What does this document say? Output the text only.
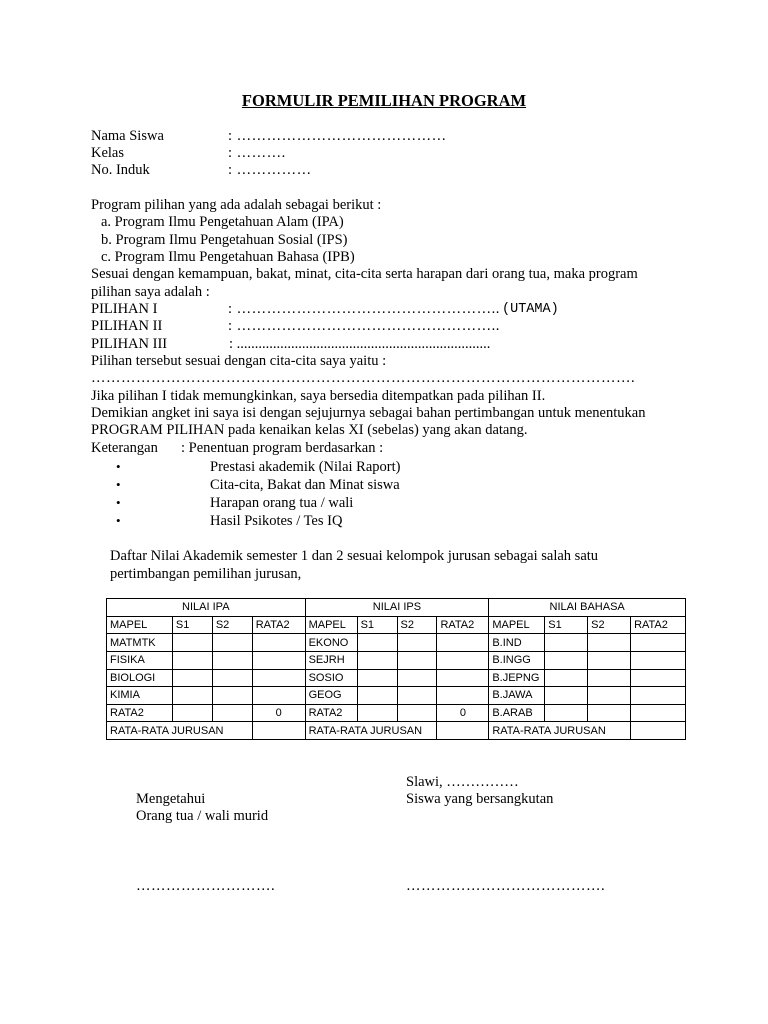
FORMULIR PEMILIHAN PROGRAM
Nama Siswa	: ……………………………………
Kelas	: ……….
No. Induk	: ……………
Program pilihan yang ada adalah sebagai berikut :
a. Program Ilmu Pengetahuan Alam (IPA)
b. Program Ilmu Pengetahuan Sosial (IPS)
c. Program Ilmu Pengetahuan Bahasa (IPB)
Sesuai dengan kemampuan, bakat, minat, cita-cita serta harapan dari orang tua, maka program
pilihan saya adalah :
PILIHAN I	: …………………………………………….. (UTAMA)
PILIHAN II	: ……………………………………………..
PILIHAN III	: ......................................................................
Pilihan tersebut sesuai dengan cita-cita saya yaitu :
……………………………………………………………………………………………….
Jika pilihan I tidak memungkinkan, saya bersedia ditempatkan pada pilihan II.
Demikian angket ini saya isi dengan sejujurnya sebagai bahan pertimbangan untuk menentukan
PROGRAM PILIHAN pada kenaikan kelas XI (sebelas) yang akan datang.
Keterangan : Penentuan program berdasarkan :
•	Prestasi akademik (Nilai Raport)
•	Cita-cita, Bakat dan Minat siswa
•	Harapan orang tua / wali
•	Hasil Psikotes / Tes IQ
Daftar Nilai Akademik semester 1 dan 2 sesuai kelompok jurusan sebagai salah satu
pertimbangan pemilihan jurusan,
NILAI IPA				NILAI IPS				NILAI BAHASA			
MAPEL	S1	S2	RATA2	MAPEL	S1	S2	RATA2	MAPEL	S1	S2	RATA2
MATMTK				EKONO				B.IND			
FISIKA				SEJRH				B.INGG			
BIOLOGI				SOSIO				B.JEPNG			
KIMIA				GEOG				B.JAWA			
RATA2			0	RATA2			0	B.ARAB			
RATA-RATA JURUSAN				RATA-RATA JURUSAN				RATA-RATA JURUSAN			
Slawi, ……………
Mengetahui	Siswa yang bersangkutan
Orang tua / wali murid
……………………….	………………………………….
